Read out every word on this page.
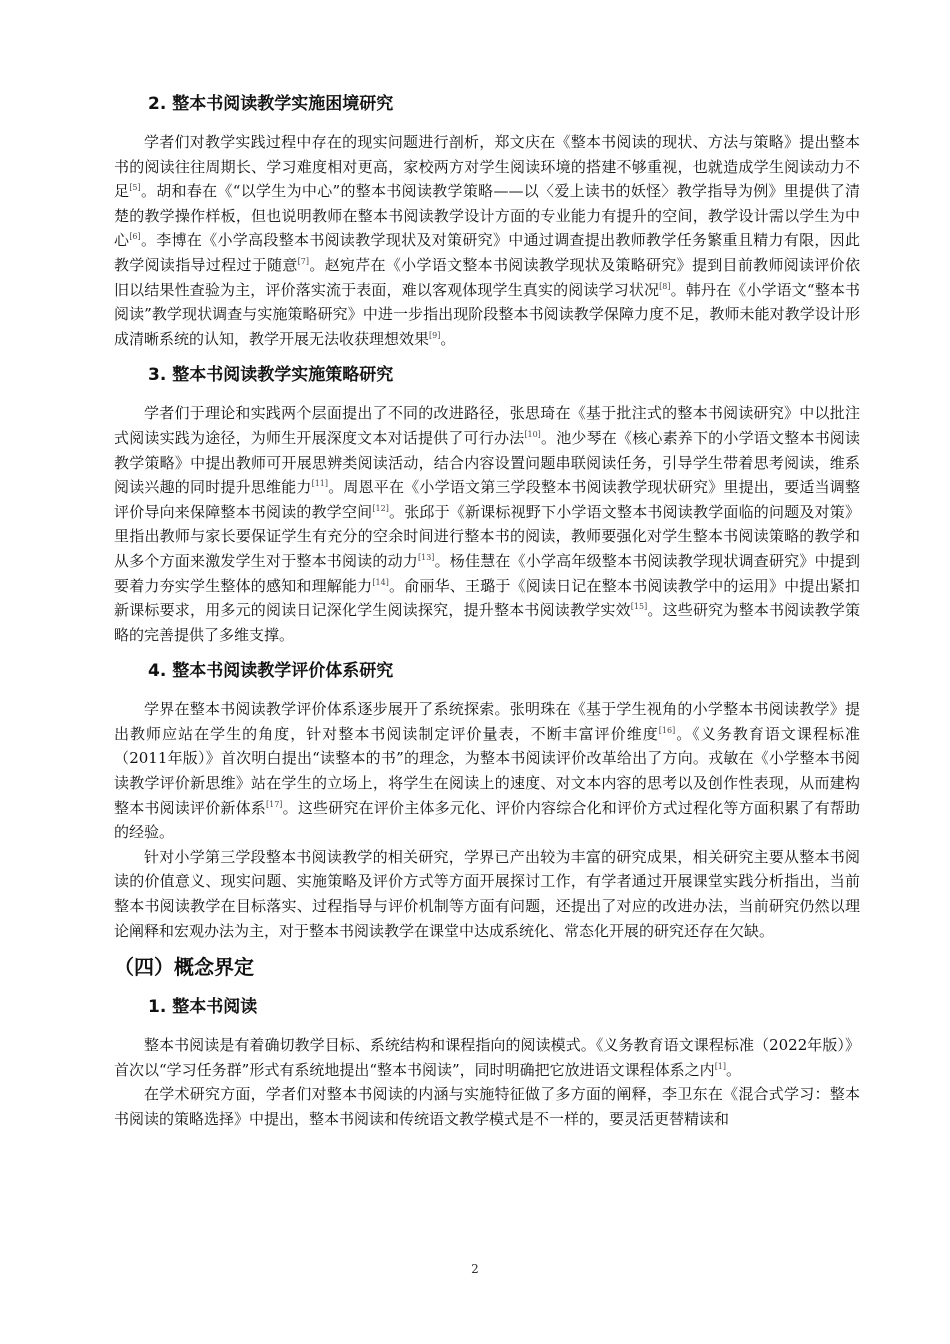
2. 整本书阅读教学实施困境研究

学者们对教学实践过程中存在的现实问题进行剖析，郑文庆在《整本书阅读的现状、方法与策略》提出整本书的阅读往往周期长、学习难度相对更高，家校两方对学生阅读环境的搭建不够重视，也就造成学生阅读动力不足[5]。胡和春在《“以学生为中心”的整本书阅读教学策略——以〈爱上读书的妖怪〉教学指导为例》里提供了清楚的教学操作样板，但也说明教师在整本书阅读教学设计方面的专业能力有提升的空间，教学设计需以学生为中心[6]。李博在《小学高段整本书阅读教学现状及对策研究》中通过调查提出教师教学任务繁重且精力有限，因此教学阅读指导过程过于随意[7]。赵宛芹在《小学语文整本书阅读教学现状及策略研究》提到目前教师阅读评价依旧以结果性查验为主，评价落实流于表面，难以客观体现学生真实的阅读学习状况[8]。韩丹在《小学语文“整本书阅读”教学现状调查与实施策略研究》中进一步指出现阶段整本书阅读教学保障力度不足，教师未能对教学设计形成清晰系统的认知，教学开展无法收获理想效果[9]。

3. 整本书阅读教学实施策略研究

学者们于理论和实践两个层面提出了不同的改进路径，张思琦在《基于批注式的整本书阅读研究》中以批注式阅读实践为途径，为师生开展深度文本对话提供了可行办法[10]。池少琴在《核心素养下的小学语文整本书阅读教学策略》中提出教师可开展思辨类阅读活动，结合内容设置问题串联阅读任务，引导学生带着思考阅读，维系阅读兴趣的同时提升思维能力[11]。周恩平在《小学语文第三学段整本书阅读教学现状研究》里提出，要适当调整评价导向来保障整本书阅读的教学空间[12]。张邱于《新课标视野下小学语文整本书阅读教学面临的问题及对策》里指出教师与家长要保证学生有充分的空余时间进行整本书的阅读，教师要强化对学生整本书阅读策略的教学和从多个方面来激发学生对于整本书阅读的动力[13]。杨佳慧在《小学高年级整本书阅读教学现状调查研究》中提到要着力夯实学生整体的感知和理解能力[14]。俞丽华、王璐于《阅读日记在整本书阅读教学中的运用》中提出紧扣新课标要求，用多元的阅读日记深化学生阅读探究，提升整本书阅读教学实效[15]。这些研究为整本书阅读教学策略的完善提供了多维支撑。

4. 整本书阅读教学评价体系研究

学界在整本书阅读教学评价体系逐步展开了系统探索。张明珠在《基于学生视角的小学整本书阅读教学》提出教师应站在学生的角度，针对整本书阅读制定评价量表，不断丰富评价维度[16]。《义务教育语文课程标准（2011年版）》首次明白提出“读整本的书”的理念，为整本书阅读评价改革给出了方向。戎敏在《小学整本书阅读教学评价新思维》站在学生的立场上，将学生在阅读上的速度、对文本内容的思考以及创作性表现，从而建构整本书阅读评价新体系[17]。这些研究在评价主体多元化、评价内容综合化和评价方式过程化等方面积累了有帮助的经验。

针对小学第三学段整本书阅读教学的相关研究，学界已产出较为丰富的研究成果，相关研究主要从整本书阅读的价值意义、现实问题、实施策略及评价方式等方面开展探讨工作，有学者通过开展课堂实践分析指出，当前整本书阅读教学在目标落实、过程指导与评价机制等方面有问题，还提出了对应的改进办法，当前研究仍然以理论阐释和宏观办法为主，对于整本书阅读教学在课堂中达成系统化、常态化开展的研究还存在欠缺。

（四）概念界定
1. 整本书阅读

整本书阅读是有着确切教学目标、系统结构和课程指向的阅读模式。《义务教育语文课程标准（2022年版）》首次以“学习任务群”形式有系统地提出“整本书阅读”，同时明确把它放进语文课程体系之内[1]。

在学术研究方面，学者们对整本书阅读的内涵与实施特征做了多方面的阐释，李卫东在《混合式学习：整本书阅读的策略选择》中提出，整本书阅读和传统语文教学模式是不一样的，要灵活更替精读和

2
